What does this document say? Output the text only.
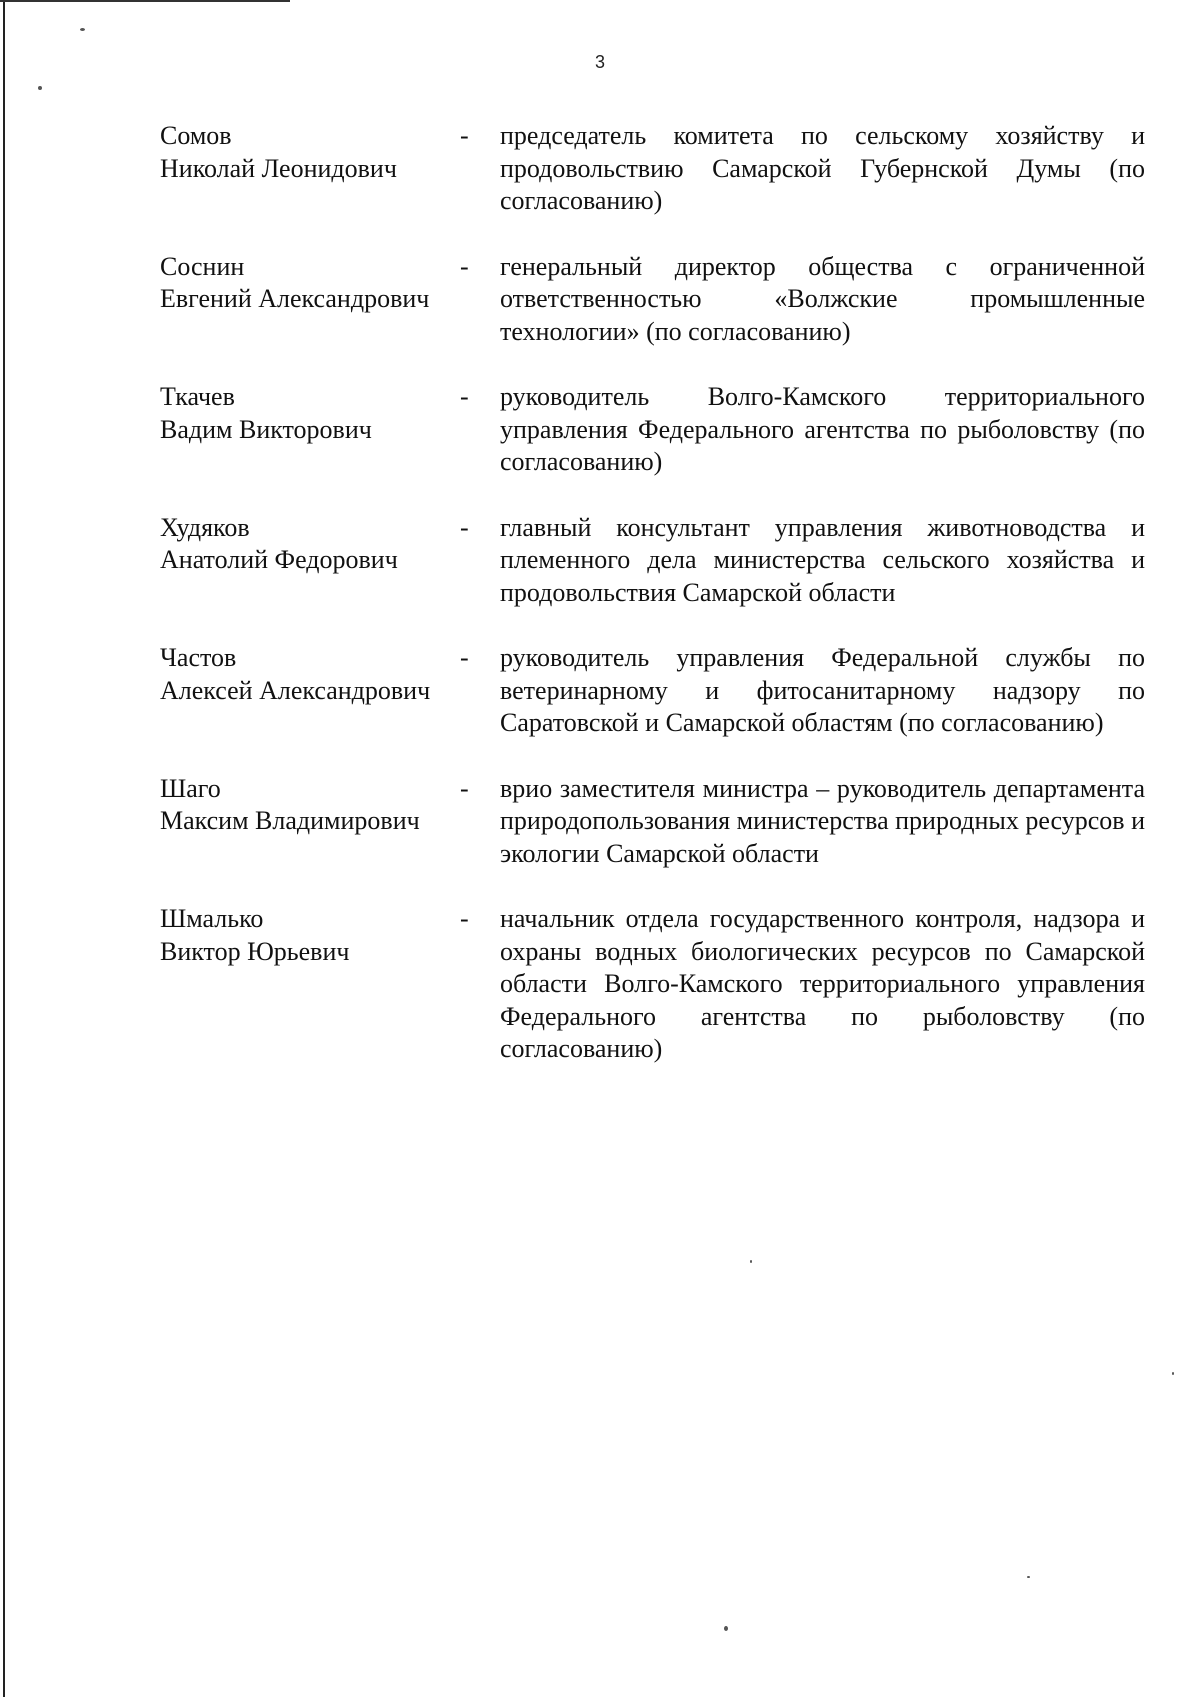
3
Сомов
Николай Леонидович
- председатель комитета по сельскому хозяйству и продовольствию Самарской Губернской Думы (по согласованию)
Соснин
Евгений Александрович
- генеральный директор общества с ограниченной ответственностью «Волжские промышленные технологии» (по согласованию)
Ткачев
Вадим Викторович
- руководитель Волго-Камского территориального управления Федерального агентства по рыболовству (по согласованию)
Худяков
Анатолий Федорович
- главный консультант управления животноводства и племенного дела министерства сельского хозяйства и продовольствия Самарской области
Частов
Алексей Александрович
- руководитель управления Федеральной службы по ветеринарному и фитосанитарному надзору по Саратовской и Самарской областям (по согласованию)
Шаго
Максим Владимирович
- врио заместителя министра – руководитель департамента природопользования министерства природных ресурсов и экологии Самарской области
Шмалько
Виктор Юрьевич
- начальник отдела государственного контроля, надзора и охраны водных биологических ресурсов по Самарской области Волго-Камского территориального управления Федерального агентства по рыболовству (по согласованию)
